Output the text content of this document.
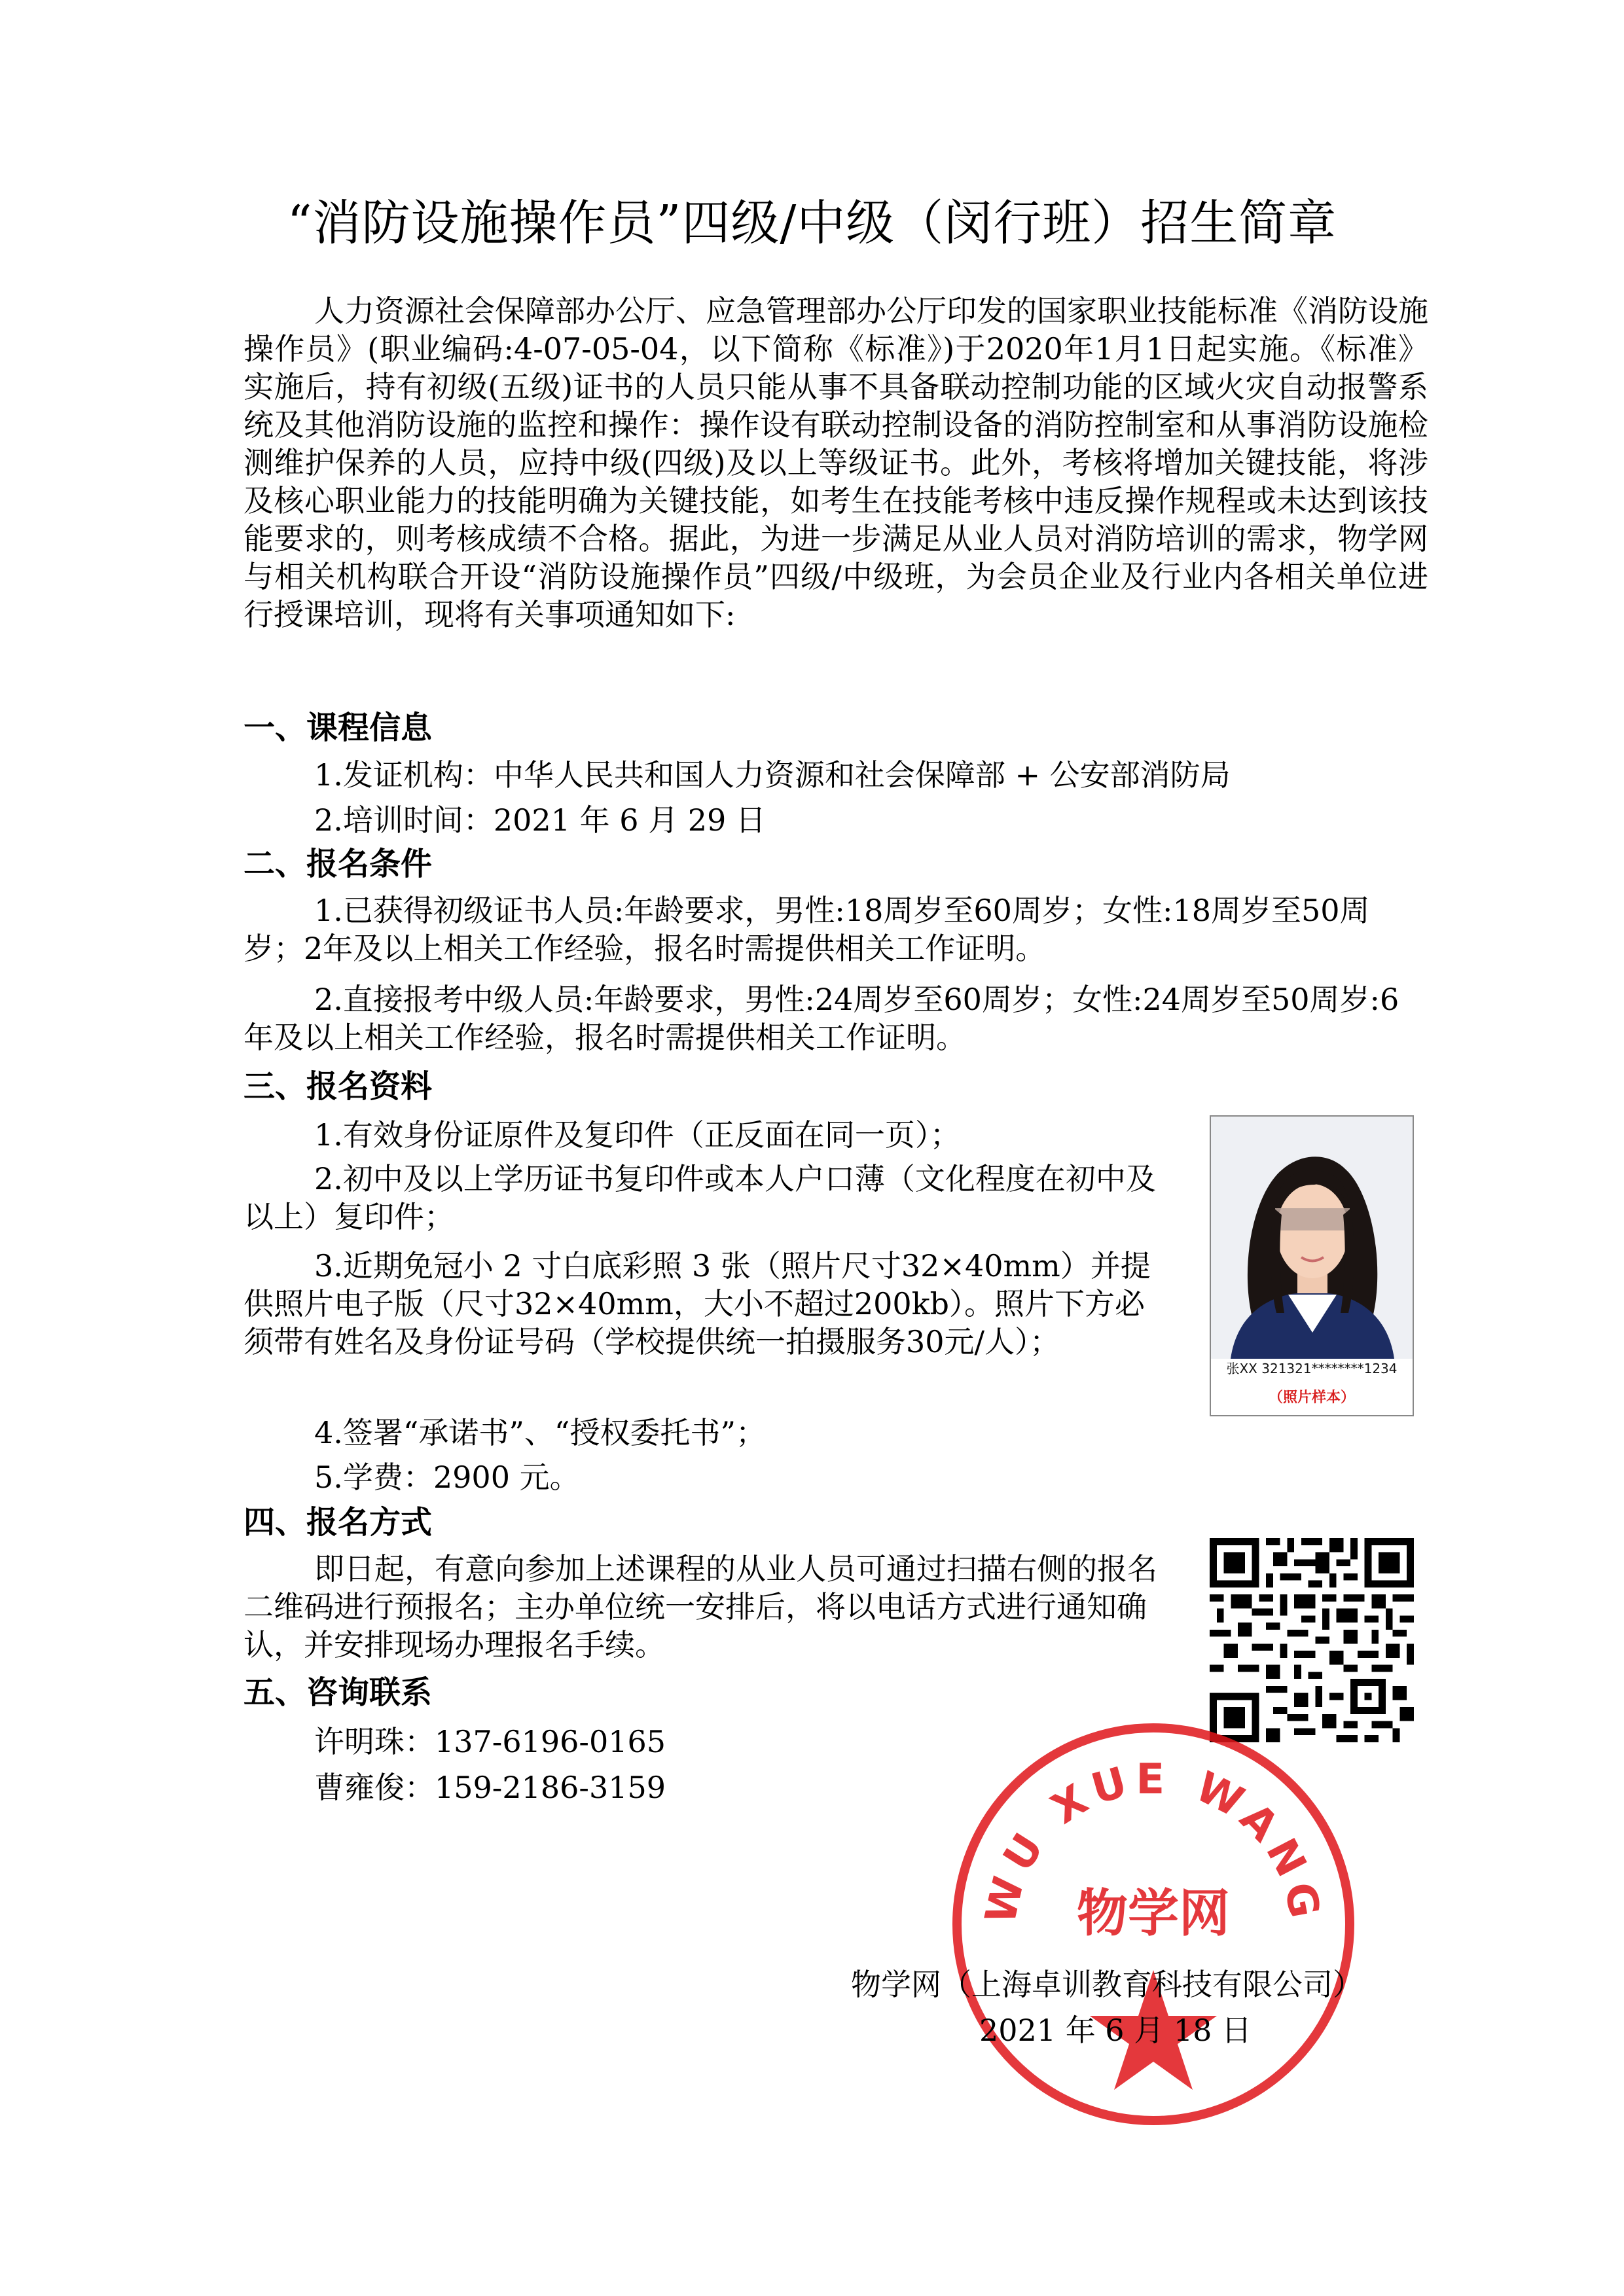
“消防设施操作员”四级/中级（闵行班）招生简章
人力资源社会保障部办公厅、应急管理部办公厅印发的国家职业技能标准《消防设施操作员》(职业编码:4-07-05-04，以下简称《标准》)于2020年1月1日起实施。《标准》实施后，持有初级(五级)证书的人员只能从事不具备联动控制功能的区域火灾自动报警系统及其他消防设施的监控和操作：操作设有联动控制设备的消防控制室和从事消防设施检测维护保养的人员，应持中级(四级)及以上等级证书。此外，考核将增加关键技能，将涉及核心职业能力的技能明确为关键技能，如考生在技能考核中违反操作规程或未达到该技能要求的，则考核成绩不合格。据此，为进一步满足从业人员对消防培训的需求，物学网与相关机构联合开设“消防设施操作员”四级/中级班，为会员企业及行业内各相关单位进行授课培训，现将有关事项通知如下:
一、课程信息
1.发证机构：中华人民共和国人力资源和社会保障部 + 公安部消防局
2.培训时间：2021 年 6 月 29 日
二、报名条件
1.已获得初级证书人员:年龄要求，男性:18周岁至60周岁；女性:18周岁至50周岁；2年及以上相关工作经验，报名时需提供相关工作证明。
2.直接报考中级人员:年龄要求，男性:24周岁至60周岁；女性:24周岁至50周岁:6年及以上相关工作经验，报名时需提供相关工作证明。
三、报名资料
1.有效身份证原件及复印件（正反面在同一页）；
2.初中及以上学历证书复印件或本人户口薄（文化程度在初中及以上）复印件；
3.近期免冠小 2 寸白底彩照 3 张（照片尺寸32×40mm）并提供照片电子版（尺寸32×40mm，大小不超过200kb）。照片下方必须带有姓名及身份证号码（学校提供统一拍摄服务30元/人）；
4.签署“承诺书”、“授权委托书”；
5.学费：2900 元。
张XX 321321********1234
（照片样本）
四、报名方式
即日起，有意向参加上述课程的从业人员可通过扫描右侧的报名二维码进行预报名；主办单位统一安排后，将以电话方式进行通知确认，并安排现场办理报名手续。
五、咨询联系
许明珠：137-6196-0165
曹雍俊：159-2186-3159
WU XUE WANG
物学网
物学网（上海卓训教育科技有限公司）
2021 年 6 月 18 日
